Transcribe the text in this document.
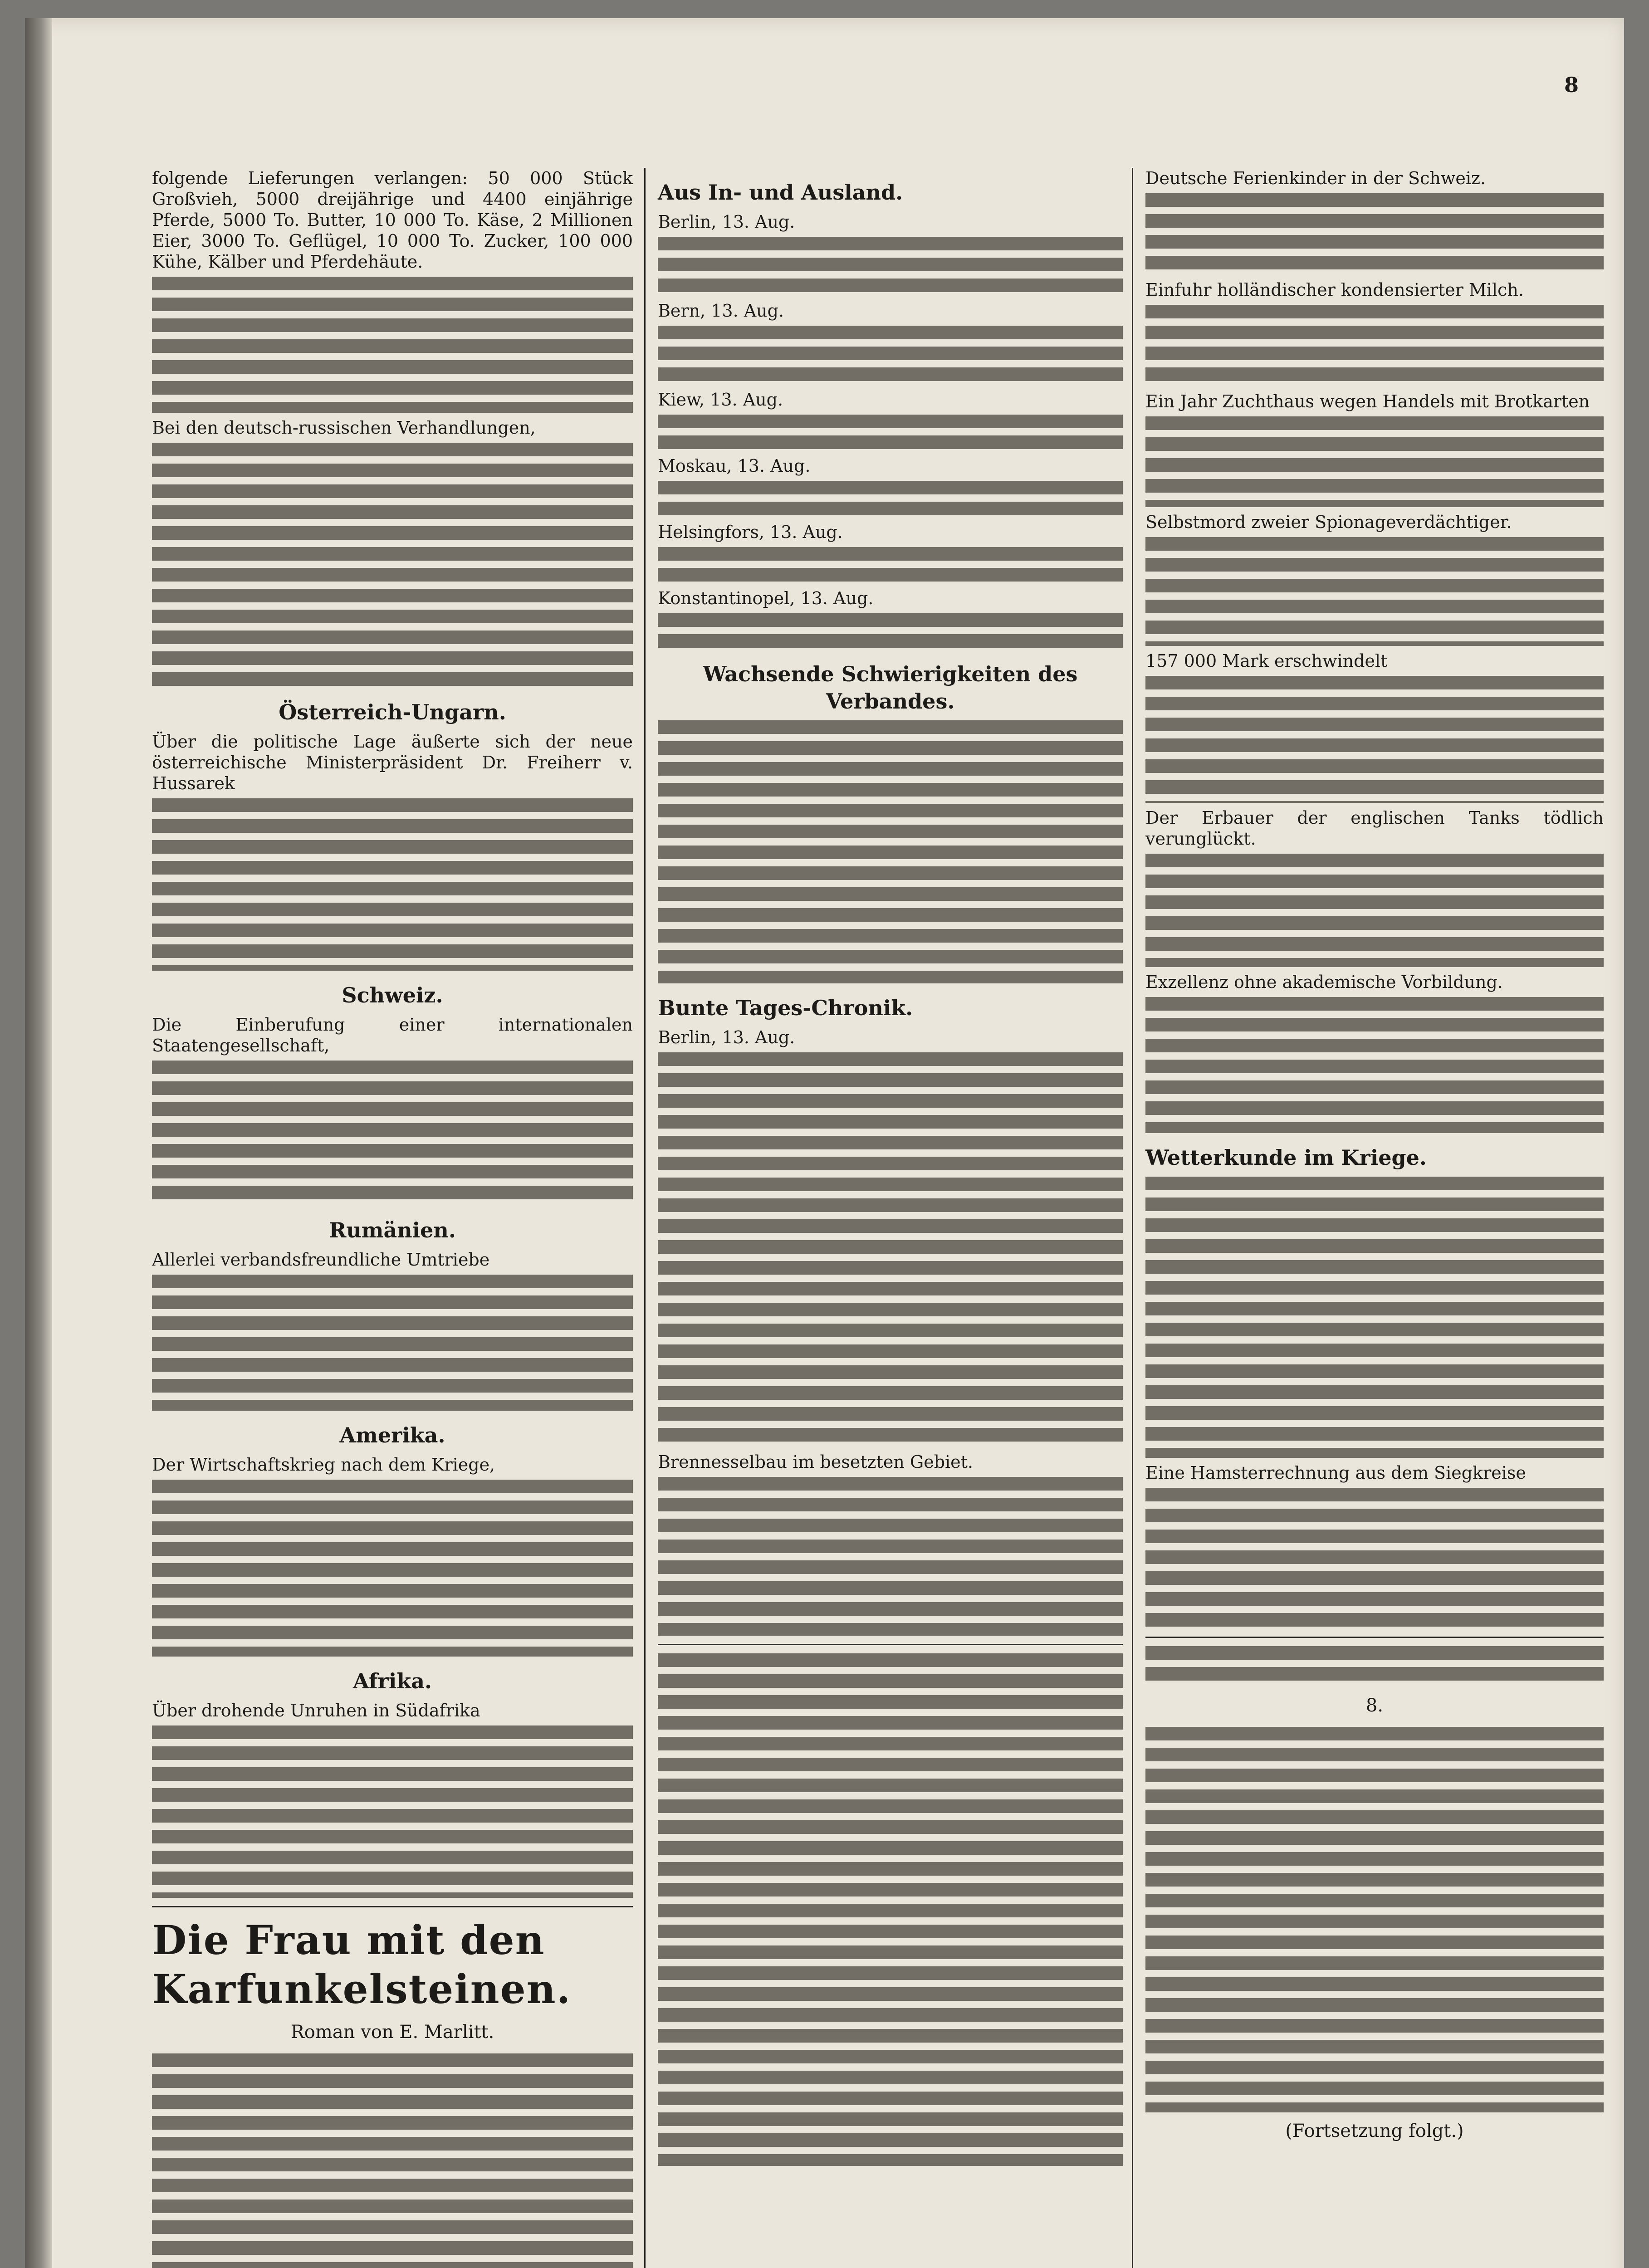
8

folgende Lieferungen verlangen: 50 000 Stück Großvieh, 5000 dreijährige und 4400 einjährige Pferde, 5000 To. Butter, 10 000 To. Käse, 2 Millionen Eier, 3000 To. Geflügel, 10 000 To. Zucker, 100 000 Kühe, Kälber und Pferdehäute.

Bei den deutsch-russischen Verhandlungen,

Österreich-Ungarn.

Über die politische Lage äußerte sich der neue österreichische Ministerpräsident Dr. Freiherr v. Hussarek

Schweiz.

Die Einberufung einer internationalen Staatengesellschaft,

Rumänien.

Allerlei verbandsfreundliche Umtriebe

Amerika.

Der Wirtschaftskrieg nach dem Kriege,

Afrika.

Über drohende Unruhen in Südafrika

Die Frau mit den Karfunkelsteinen.
Roman von E. Marlitt.
Aus In- und Ausland.

Berlin, 13. Aug.

Bern, 13. Aug.

Kiew, 13. Aug.

Moskau, 13. Aug.

Helsingfors, 13. Aug.

Konstantinopel, 13. Aug.

Wachsende Schwierigkeiten des Verbandes.
Bunte Tages-Chronik.

Berlin, 13. Aug.

Brennesselbau im besetzten Gebiet.

Deutsche Ferienkinder in der Schweiz.

Einfuhr holländischer kondensierter Milch.

Ein Jahr Zuchthaus wegen Handels mit Brotkarten

Selbstmord zweier Spionageverdächtiger.

157 000 Mark erschwindelt

Der Erbauer der englischen Tanks tödlich verunglückt.

Exzellenz ohne akademische Vorbildung.

Wetterkunde im Kriege.

Eine Hamsterrechnung aus dem Siegkreise

8.
(Fortsetzung folgt.)
